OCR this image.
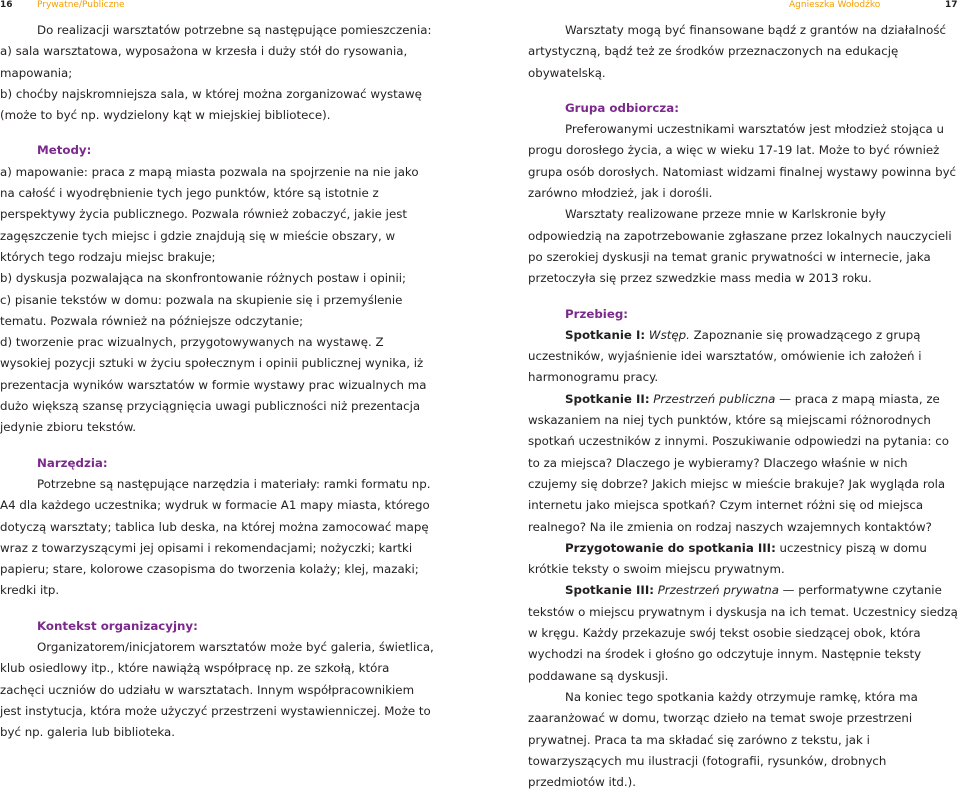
16	Prywatne/Publiczne	Agnieszka Wołodźko	17

Do realizacji warsztatów potrzebne są następujące pomieszczenia:

a) sala warsztatowa, wyposażona w krzesła i duży stół do rysowania, mapowania;

b) choćby najskromniejsza sala, w której można zorganizować wystawę (może to być np. wydzielony kąt w miejskiej bibliotece).

Metody:

a) mapowanie: praca z mapą miasta pozwala na spojrzenie na nie jako na całość i wyodrębnienie tych jego punktów, które są istotnie z perspektywy życia publicznego. Pozwala również zobaczyć, jakie jest zagęszczenie tych miejsc i gdzie znajdują się w mieście obszary, w których tego rodzaju miejsc brakuje;

b) dyskusja pozwalająca na skonfrontowanie różnych postaw i opinii;

c) pisanie tekstów w domu: pozwala na skupienie się i przemyślenie tematu. Pozwala również na późniejsze odczytanie;

d) tworzenie prac wizualnych, przygotowywanych na wystawę. Z wysokiej pozycji sztuki w życiu społecznym i opinii publicznej wynika, iż prezentacja wyników warsztatów w formie wystawy prac wizualnych ma dużo większą szansę przyciągnięcia uwagi publiczności niż prezentacja jedynie zbioru tekstów.

Narzędzia:

Potrzebne są następujące narzędzia i materiały: ramki formatu np. A4 dla każdego uczestnika; wydruk w formacie A1 mapy miasta, którego dotyczą warsztaty; tablica lub deska, na której można zamocować mapę wraz z towarzyszącymi jej opisami i rekomendacjami; nożyczki; kartki papieru; stare, kolorowe czasopisma do tworzenia kolaży; klej, mazaki; kredki itp.

Kontekst organizacyjny:

Organizatorem/inicjatorem warsztatów może być galeria, świetlica, klub osiedlowy itp., które nawiążą współpracę np. ze szkołą, która zachęci uczniów do udziału w warsztatach. Innym współpracownikiem jest instytucja, która może użyczyć przestrzeni wystawienniczej. Może to być np. galeria lub biblioteka.

Warsztaty mogą być finansowane bądź z grantów na działalność artystyczną, bądź też ze środków przeznaczonych na edukację obywatelską.

Grupa odbiorcza:

Preferowanymi uczestnikami warsztatów jest młodzież stojąca u progu dorosłego życia, a więc w wieku 17-19 lat. Może to być również grupa osób dorosłych. Natomiast widzami finalnej wystawy powinna być zarówno młodzież, jak i dorośli.

Warsztaty realizowane przeze mnie w Karlskronie były odpowiedzią na zapotrzebowanie zgłaszane przez lokalnych nauczycieli po szerokiej dyskusji na temat granic prywatności w internecie, jaka przetoczyła się przez szwedzkie mass media w 2013 roku.

Przebieg:

Spotkanie I: Wstęp. Zapoznanie się prowadzącego z grupą uczestników, wyjaśnienie idei warsztatów, omówienie ich założeń i harmonogramu pracy.

Spotkanie II: Przestrzeń publiczna — praca z mapą miasta, ze wskazaniem na niej tych punktów, które są miejscami różnorodnych spotkań uczestników z innymi. Poszukiwanie odpowiedzi na pytania: co to za miejsca? Dlaczego je wybieramy? Dlaczego właśnie w nich czujemy się dobrze? Jakich miejsc w mieście brakuje? Jak wygląda rola internetu jako miejsca spotkań? Czym internet różni się od miejsca realnego? Na ile zmienia on rodzaj naszych wzajemnych kontaktów?

Przygotowanie do spotkania III: uczestnicy piszą w domu krótkie teksty o swoim miejscu prywatnym.

Spotkanie III: Przestrzeń prywatna — performatywne czytanie tekstów o miejscu prywatnym i dyskusja na ich temat. Uczestnicy siedzą w kręgu. Każdy przekazuje swój tekst osobie siedzącej obok, która wychodzi na środek i głośno go odczytuje innym. Następnie teksty poddawane są dyskusji.

Na koniec tego spotkania każdy otrzymuje ramkę, która ma zaaranżować w domu, tworząc dzieło na temat swoje przestrzeni prywatnej. Praca ta ma składać się zarówno z tekstu, jak i towarzyszących mu ilustracji (fotografii, rysunków, drobnych przedmiotów itd.).
